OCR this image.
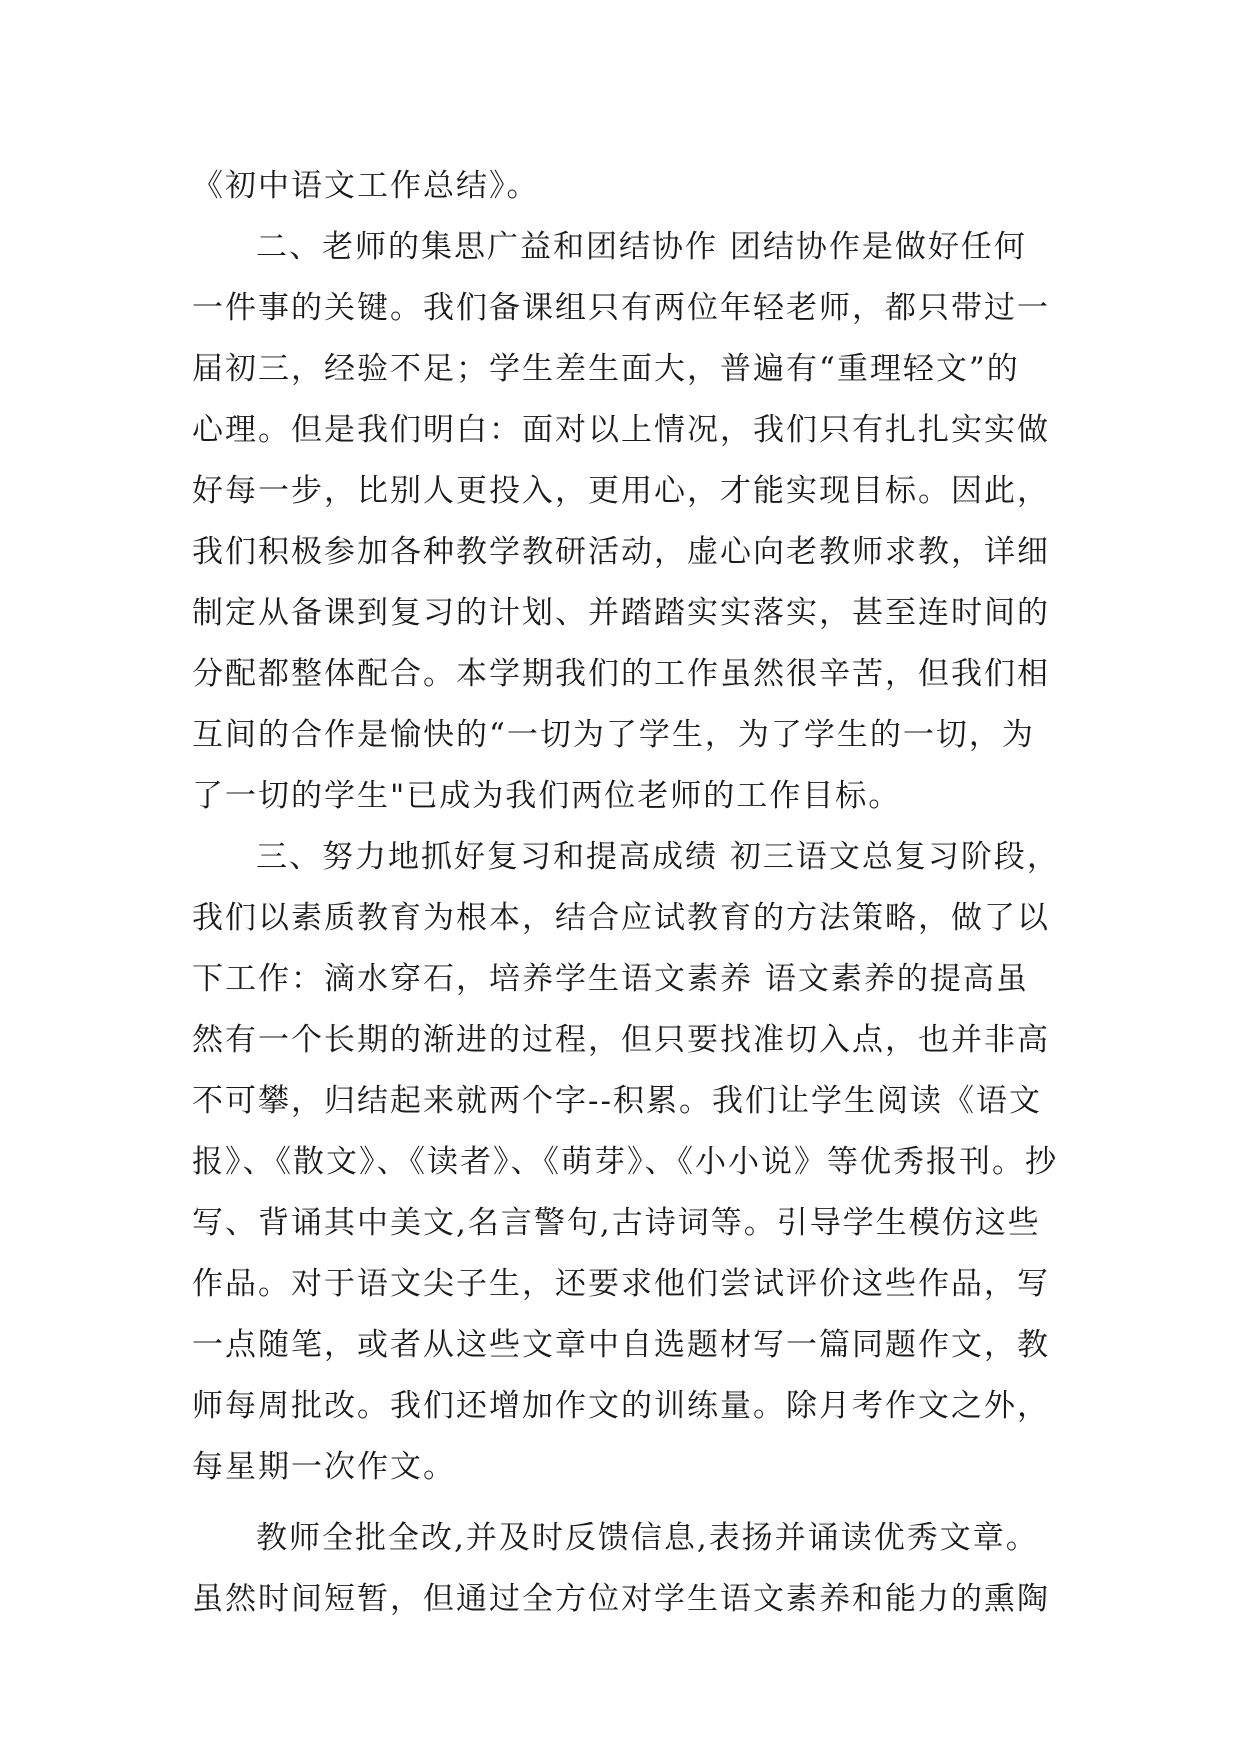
《初中语文工作总结》。
二、老师的集思广益和团结协作 团结协作是做好任何
一件事的关键。我们备课组只有两位年轻老师，都只带过一
届初三，经验不足；学生差生面大，普遍有“重理轻文”的
心理。但是我们明白：面对以上情况，我们只有扎扎实实做
好每一步，比别人更投入，更用心，才能实现目标。因此，
我们积极参加各种教学教研活动，虚心向老教师求教，详细
制定从备课到复习的计划、并踏踏实实落实，甚至连时间的
分配都整体配合。本学期我们的工作虽然很辛苦，但我们相
互间的合作是愉快的“一切为了学生，为了学生的一切，为
了一切的学生"已成为我们两位老师的工作目标。
三、努力地抓好复习和提高成绩 初三语文总复习阶段，
我们以素质教育为根本，结合应试教育的方法策略，做了以
下工作：滴水穿石，培养学生语文素养 语文素养的提高虽
然有一个长期的渐进的过程，但只要找准切入点，也并非高
不可攀，归结起来就两个字--积累。我们让学生阅读《语文
报》、《散文》、《读者》、《萌芽》、《小小说》等优秀报刊。抄
写、背诵其中美文,名言警句,古诗词等。引导学生模仿这些
作品。对于语文尖子生，还要求他们尝试评价这些作品，写
一点随笔，或者从这些文章中自选题材写一篇同题作文，教
师每周批改。我们还增加作文的训练量。除月考作文之外，
每星期一次作文。
教师全批全改,并及时反馈信息,表扬并诵读优秀文章。
虽然时间短暂，但通过全方位对学生语文素养和能力的熏陶
